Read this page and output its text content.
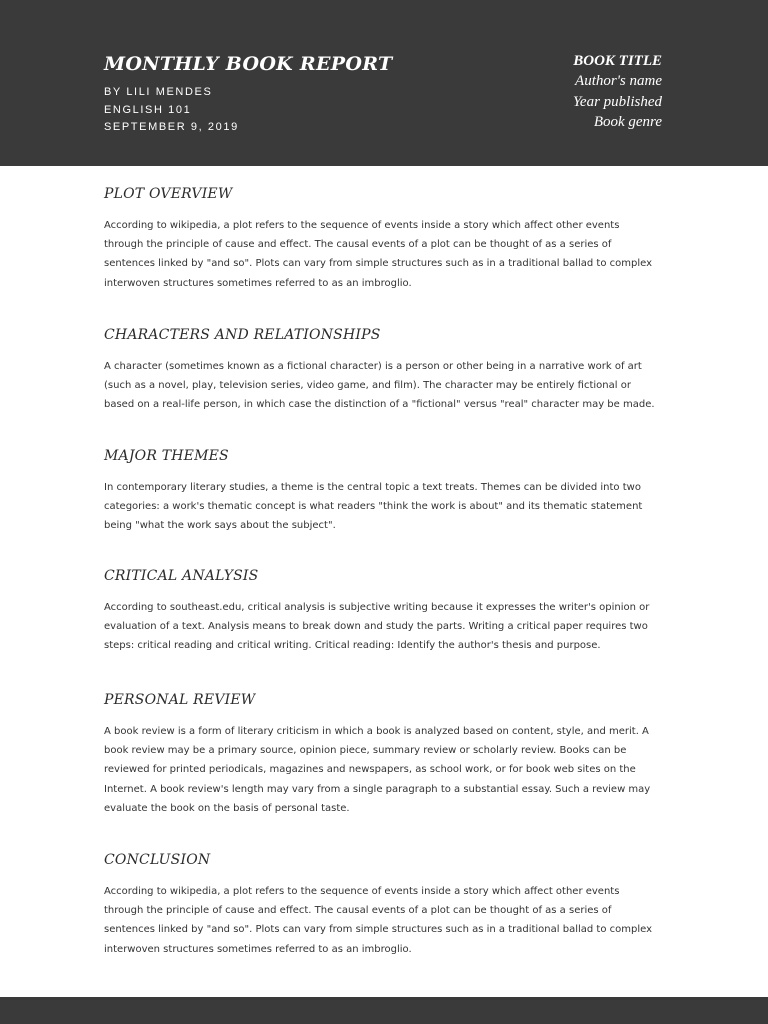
MONTHLY BOOK REPORT
BY LILI MENDES
ENGLISH 101
SEPTEMBER 9, 2019
BOOK TITLE
Author's name
Year published
Book genre
PLOT OVERVIEW

According to wikipedia, a plot refers to the sequence of events inside a story which affect other events through the principle of cause and effect. The causal events of a plot can be thought of as a series of sentences linked by "and so". Plots can vary from simple structures such as in a traditional ballad to complex interwoven structures sometimes referred to as an imbroglio.

CHARACTERS AND RELATIONSHIPS

A character (sometimes known as a fictional character) is a person or other being in a narrative work of art (such as a novel, play, television series, video game, and film). The character may be entirely fictional or based on a real-life person, in which case the distinction of a "fictional" versus "real" character may be made.

MAJOR THEMES

In contemporary literary studies, a theme is the central topic a text treats. Themes can be divided into two categories: a work's thematic concept is what readers "think the work is about" and its thematic statement being "what the work says about the subject".

CRITICAL ANALYSIS

According to southeast.edu, critical analysis is subjective writing because it expresses the writer's opinion or evaluation of a text. Analysis means to break down and study the parts. Writing a critical paper requires two steps: critical reading and critical writing. Critical reading: Identify the author's thesis and purpose.

PERSONAL REVIEW

A book review is a form of literary criticism in which a book is analyzed based on content, style, and merit. A book review may be a primary source, opinion piece, summary review or scholarly review. Books can be reviewed for printed periodicals, magazines and newspapers, as school work, or for book web sites on the Internet. A book review's length may vary from a single paragraph to a substantial essay. Such a review may evaluate the book on the basis of personal taste.

CONCLUSION

According to wikipedia, a plot refers to the sequence of events inside a story which affect other events through the principle of cause and effect. The causal events of a plot can be thought of as a series of sentences linked by "and so". Plots can vary from simple structures such as in a traditional ballad to complex interwoven structures sometimes referred to as an imbroglio.
